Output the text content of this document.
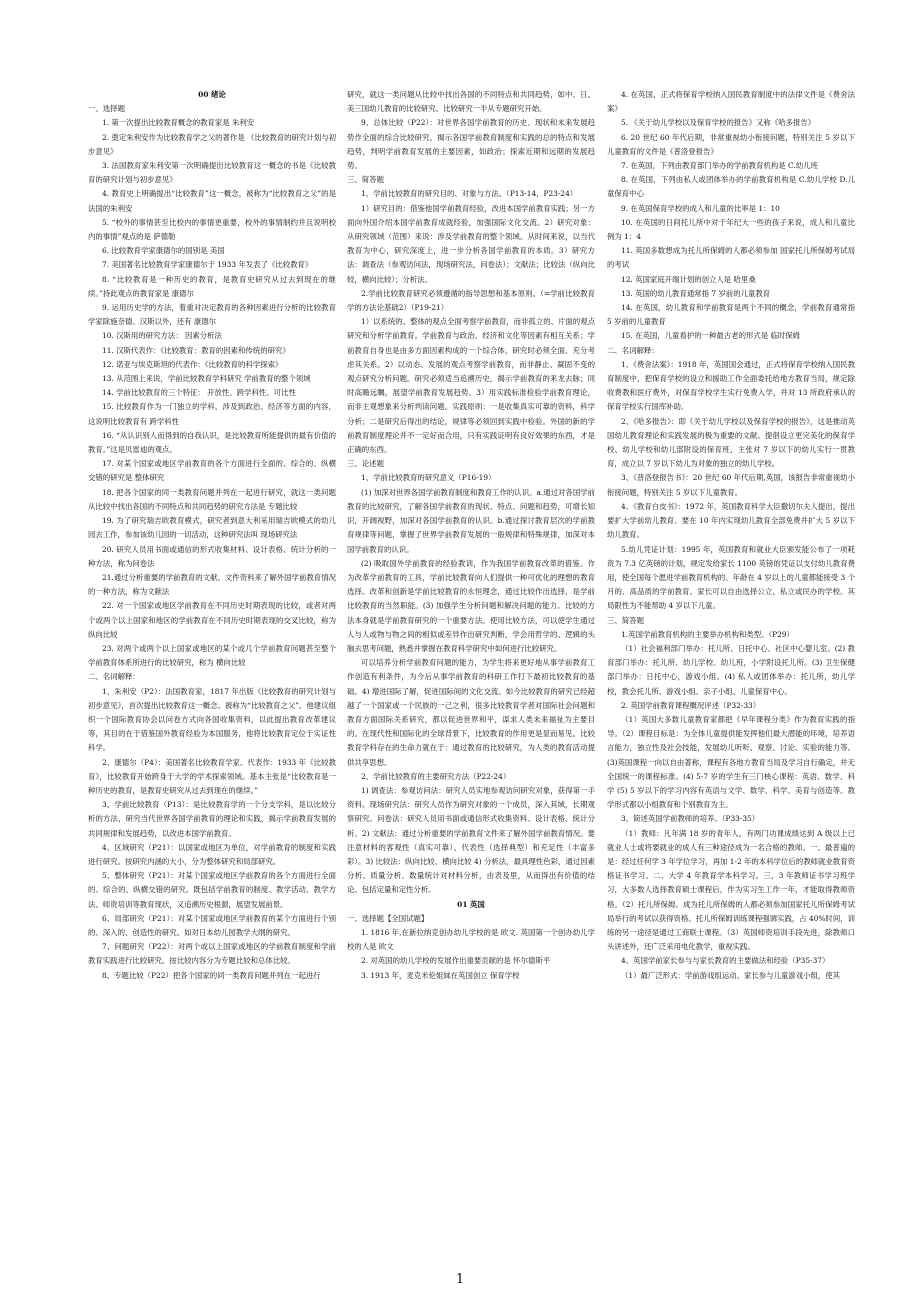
00 绪论

一、选择题

1. 第一次提出比较教育概念的教育家是 朱利安

2. 奠定朱利安作为比较教育学之父的著作是 《比较教育的研究计划与初步意见》

3. 法国教育家朱利安第一次明确提出比较教育这一概念的书是《比较教育的研究计划与初步意见》

4. 教育史上明确提出“比较教育”这一概念，被称为“比较教育之父”的是 法国的朱利安

5. “校外的事情甚至比校内的事情更重要，校外的事情制约并且说明校内的事情”观点的是 萨德勒

6. 比较教育学家康德尔的国别是 美国

7. 美国著名比较教育学家康德尔于 1933 年发表了《比较教育》

8. “比较教育是一种历史的教育，是教育史研究从过去到现在的继续。”持此观点的教育家是 康德尔

9. 运用历史学的方法，着重对决定教育的各种因素进行分析的比较教育学家除施奈德、汉斯以外，还有 康德尔

10. 汉斯用的研究方法： 因素分析法

11. 汉斯代表作：《比较教育：教育的因素和传统的研究》

12. 诺亚与埃克斯坦的代表作：《比较教育的科学探索》

13. 从范围上来说，学前比较教育学科研究 学前教育的整个领域

14. 学前比较教育的三个特征： 开放性、跨学科性、可比性

15. 比较教育作为一门独立的学科，涉及到政治、经济等方面的内容，这说明比较教育有 跨学科性

16. “从认识别人而得到的自我认识，是比较教育所能提供的最有价值的教育。”这是贝雷迪的观点。

17. 对某个国家或地区学前教育的各个方面进行全面的、综合的、纵横交错的研究是 整体研究

18. 把各个国家的同一类教育问题并列在一起进行研究，就这一类问题从比较中找出各国的不同特点和共同趋势的研究方法是 专题比较

19. 为了研究瑞吉欧教育模式，研究者到意大利采用瑞吉欧模式的幼儿园去工作，参加该幼儿园的一切活动，这种研究法叫 现场研究法

20. 研究人员用书面或通信的形式收集材料、设计表格、统计分析的一种方法，称为问卷法

21.通过分析重要的学前教育的文献、文件资料来了解外国学前教育情况的一种方法，称为文献法

22. 对一个国家或地区学前教育在不同历史时期表现的比较，或者对两个或两个以上国家和地区的学前教育在不同历史时期表现的交叉比较，称为 纵向比较

23. 对两个或两个以上国家或地区的某个或几个学前教育问题甚至整个学前教育体系所进行的比较研究，称为 横向比较

二、名词解释：

1、朱利安（P2）：法国教育家，1817 年出版《比较教育的研究计划与初步意见》，首次提出比较教育这一概念。被称为“比较教育之父”。他建议组织一个国际教育协会以问卷方式向各国收集资料，以此提出教育改革建议等，其目的在于借鉴国外教育经验为本国服务，他将比较教育定位于实证性科学。

2、康德尔（P4）：美国著名比较教育学家。代表作：1933 年《比较教育》，比较教育开始跨身于大学的学术探索领域。基本主张是“比较教育是一种历史的教育，是教育史研究从过去到现在的继续。”

3、学前比较教育（P13）：是比较教育学的一个分支学科，是以比较分析的方法，研究当代世界各国学前教育的理论和实践，揭示学前教育发展的共同规律和发展趋势，以改进本国学前教育。

4、区域研究（P21）：以国家或地区为单位，对学前教育的制度和实践进行研究。按研究内涵的大小，分为整体研究和局部研究。

5、整体研究（P21）：对某个国家或地区学前教育的各个方面进行全面的、综合的、纵横交错的研究。既包括学前教育的制度、教学活动、教学方法、师资培训等教育现状，又追溯历史根源，展望发展前景。

6、局部研究（P21）：对某个国家或地区学前教育的某个方面进行个别的、深入的、创造性的研究。如对日本幼儿园教学大纲的研究。

7、问题研究（P22）：对两个或以上国家或地区的学前教育制度和学前教育实践进行比较研究。按比较内容分为专题比较和总体比较。

8、专题比较（P22）把各个国家的同一类教育问题并列在一起进行

研究，就这一类问题从比较中找出各国的不同特点和共同趋势，如中、日、美三国幼儿教育的比较研究。比较研究一半从专题研究开始。

9、总体比较（P22）：对世界各国学前教育的历史、现状和未来发展趋势作全面的综合比较研究，揭示各国学前教育制度和实践的总的特点和发展趋势，判明学前教育发展的主要因素，如政治；探索近期和远期的发展趋势。

三、简答题

1、学前比较教育的研究目的、对象与方法。（P13-14，P23-24）

1）研究目的：借鉴他国学前教育经验，改进本国学前教育实践；另一方面向外国介绍本国学前教育成就经验，加强国际文化交流。2）研究对象：从研究领域（范围）来说：涉及学前教育的整个领域。从时间来说，以当代教育为中心，研究深度上，进一步分析各国学前教育的本质。3）研究方法：调查法（参观访问法，现场研究法，问卷法）；文献法；比较法（纵向比较，横向比较）；分析法。

2.学前比较教育研究必须遵循的指导思想和基本原则。（=学前比较教育学的方法论基础2）（P19-21）

1）以系统的、整体的观点全面考察学前教育，而非孤立的、片面的观点研究和分析学前教育。学前教育与政治、经济和文化等因素有相互关系；学前教育自身也是由多方面因素构成的一个综合体，研究时必须全面、充分考虑其关系。2）以动态、发展的观点考察学前教育，而非静止、凝固不变的观点研究分析问题。研究必须适当追溯历史，揭示学前教育的来龙去脉；同时高瞻远瞩，展望学前教育发展趋势。3）用实践标准检验学前教育理论，而非主观想象来分析判读问题。实践原则：一是收集真实可靠的资料，科学分析；二是研究后得出的结论，规律等必须回到实践中检验。外国的新的学前教育制度理论并不一定好而合用，只有实践证明有良好效果的东西，才是正确的东西。

三、论述题

1、学前比较教育的研究意义（P16-19）

(1) 加深对世界各国学前教育制度和教育工作的认识。a.通过对各国学前教育的比较研究，了解各国学前教育的现状、特点、问题和趋势，可增长知识，开阔视野，加深对各国学前教育的认识。b.通过探讨教育层次的学前教育规律等问题，掌握了世界学前教育发展的一般规律和特殊规律，加深对本国学前教育的认识。

(2) 吸取国外学前教育的经验教训，作为我国学前教育改革的借鉴。作为改革学前教育的工具，学前比较教育向人们提供一种可优化的理想的教育选择。改革和创新是学前比较教育的永恒理念，通过比较作出选择，是学前比较教育的当然职能。(3) 加强学生分析问题和解决问题的能力。比较的方法本身就是学前教育研究的一个重要方法。使用比较方法，可以使学生通过人与人或物与物之间的相似或差异作出研究判断，学会用哲学的、逻辑的头脑去思考问题，熟悉并掌握在教育科学研究中如何进行比较研究。

可以培养分析学前教育问题的能力，为学生将来更好地从事学前教育工作创造有利条件，为今后从事学前教育的科研工作打下最初比较教育的基础。4) 增进国际了解，促进国际间的文化交流。如今比较教育的研究已经超越了一个国家或一个民族的一己之利，很多比较教育学者对国际社会问题和教育方面国际关系研究，都以促进世界和平，谋求人类未来福祉为主要目的。在现代性和国际化的全球背景下，比较教育的作用更是显而易见。比较教育学科存在的生命力就在于：通过教育的比较研究，为人类的教育活动提供共享思想。

2、学前比较教育的主要研究方法（P22-24）

1) 调查法：参观访问法：研究人员实地参观访问研究对象，获得第一手资料。现场研究法：研究人员作为研究对象的一个成员，深入其域，长期观察研究。问卷法：研究人员用书面或通信形式收集资料、设计表格、统计分析。2) 文献法：通过分析重要的学前教育文件来了解外国学前教育情况。要注意材料的客观性（真实可靠）、代表性（选择典型）和充足性（丰富多彩）。3) 比较法：纵向比较、横向比较 4) 分析法，最具理性色彩，通过因素分析、质量分析、数量统计对材料分析，由表及里，从而得出有价值的结论。包括定量和定性分析。

01 英国

一、选择题【全国试题】

1. 1816 年,在新拉纳克创办幼儿学校的是 欧文. 英国第一个创办幼儿学校的人是 欧文

2. 对英国的幼儿学校的发展作出重要贡献的是 怀尔德斯平

3. 1913 年，麦克米伦姐妹在英国创立 保育学校

4. 在英国，正式将保育学校纳入国民教育制度中的法律文件是《费舍法案》

5. 《关于幼儿学校以及保育学校的报告》又称《哈多报告》

6. 20 世纪 60 年代后期，非常重视幼小衔接问题，特别关注 5 岁以下儿童教育的文件是《普洛登报告》

7. 在英国，下列由教育部门举办的学前教育机构是 C.幼儿班

8. 在英国，下列由私人或团体举办的学前教育机构是 C.幼儿学校 D.儿童保育中心

9. 在英国保育学校的成人和儿童的比率是 1：10

10. 在英国的日间托儿所中对于年纪大一些的孩子来说，成人和儿童比例为 1：4

11. 英国多数想成为托儿所保姆的人都必须参加 国家托儿所保姆考试局的考试

12. 英国家庭开端计划的创立人是 哈里桑

13. 英国的幼儿教育通常指 7 岁前的儿童教育

14. 在英国，幼儿教育和学前教育是两个不同的概念，学前教育通常指 5 岁前的儿童教育

15. 在英国，儿童看护的一种最古老的形式是 临时保姆

二、名词解释：

1、《费舍法案》：1918 年，英国国会通过，正式将保育学校纳入国民教育制度中，把保育学校的设立和援助工作全面委托给地方教育当局，规定除收费教和医疗费外，对保育学校学生实行免费入学，并对 13 所政府承认的保育学校实行国库补助。

2、《哈多报告》：即《关于幼儿学校以及保育学校的报告》，这是推动英国幼儿教育理论和实践发展的极为重要的文献。提倡设立更完美化的保育学校、幼儿学校和幼儿部附设的保育班，主张对 7 岁以下的幼儿实行一贯教育，成立以 7 岁以下幼儿为对象的独立的幼儿学校。

3、《普洛登报告书》：20 世纪 60 年代后期,英国，该报告非常重视幼小衔接问题，特别关注 5 岁以下儿童教育。

4、《教育白皮书》：1972 年，英国教育科学大臣撒切尔夫人提出，提出要扩大学前幼儿教育。要在 10 年内实现幼儿教育全部免费并扩大 5 岁以下幼儿教育。

5.幼儿凭证计划：1995 年，英国教育和就业大臣颁发能公布了一项耗资为 7.3 亿英镑的计划，规定发给家长 1100 英镑的凭证以支付幼儿教育费用，使全国每个愿进学前教育机构的、年龄在 4 岁以上的儿童都能接受 3 个月的、高品质的学前教育。家长可以自由选择公立、私立或民办的学校。其局限性为不能帮助 4 岁以下儿童。

三、简答题

1.英国学前教育机构的主要举办机构和类型。（P29）

（1）社会福利部门举办：托儿所、日托中心、社区中心婴儿室。(2) 教育部门举办：托儿所、幼儿学校、幼儿班，小学附设托儿所。(3) 卫生保健部门举办：日托中心，游戏小组。(4) 私人或团体举办：托儿所，幼儿学校，教会托儿所、游戏小组、亲子小组、儿童保育中心。

2. 英国学前教育课程概况评述（P32-33）

（1）英国大多数儿童教育家都把《早年课程分类》作为教育实践的指导。（2）课程目标是：为全体儿童提供能发挥他们最大潜能的环境，培养语言能力，独立性及社会技能，发展幼儿听听、观察、讨论、实验的能力等。(3)英国课程一向以自由著称，课程有各地方教育当局及学习自行确定，并无全国统一的课程标准。(4) 5-7 岁的学生有三门核心课程：英语、数学、科学 (5) 5 岁以下的学习内容有英语与文学、数学、科学、美育与创造等。教学形式都以小组教育和个别教育为主。

3、简述英国学前教师的培养。（P33-35）

（1）教师：凡年满 18 岁的青年人，有两门功课成绩达到 A 级以上已就业人士或将要就业的成人有三种途径成为一名合格的教师。一、最普遍的是：经过任何学 3 年学位学习，再加 1-2 年的本科学位后的教师就业教育资格证书学习。二、大学 4 年教育学本科学习。三，3 年教师证书学习班学习，大多数人选择教育硕士课程后，作为实习生工作一年，才能取得教师资格。（2）托儿所保姆。成为托儿所保姆的人都必须参加国家托儿所保姆考试局举行的考试以获得资格。托儿所保姆训练课程强调实践，占 40%时间，训练的另一途径是通过工商联士课程。（3）英国师资培训手段先进，除教师口头讲述外，还广泛采用电化教学，重视实践。

4、英国学前家长参与与家长教育的主要做法和经验（P35-37）

（1）最广泛形式：学前游戏组运动。家长参与儿童游戏小组，使其

1
